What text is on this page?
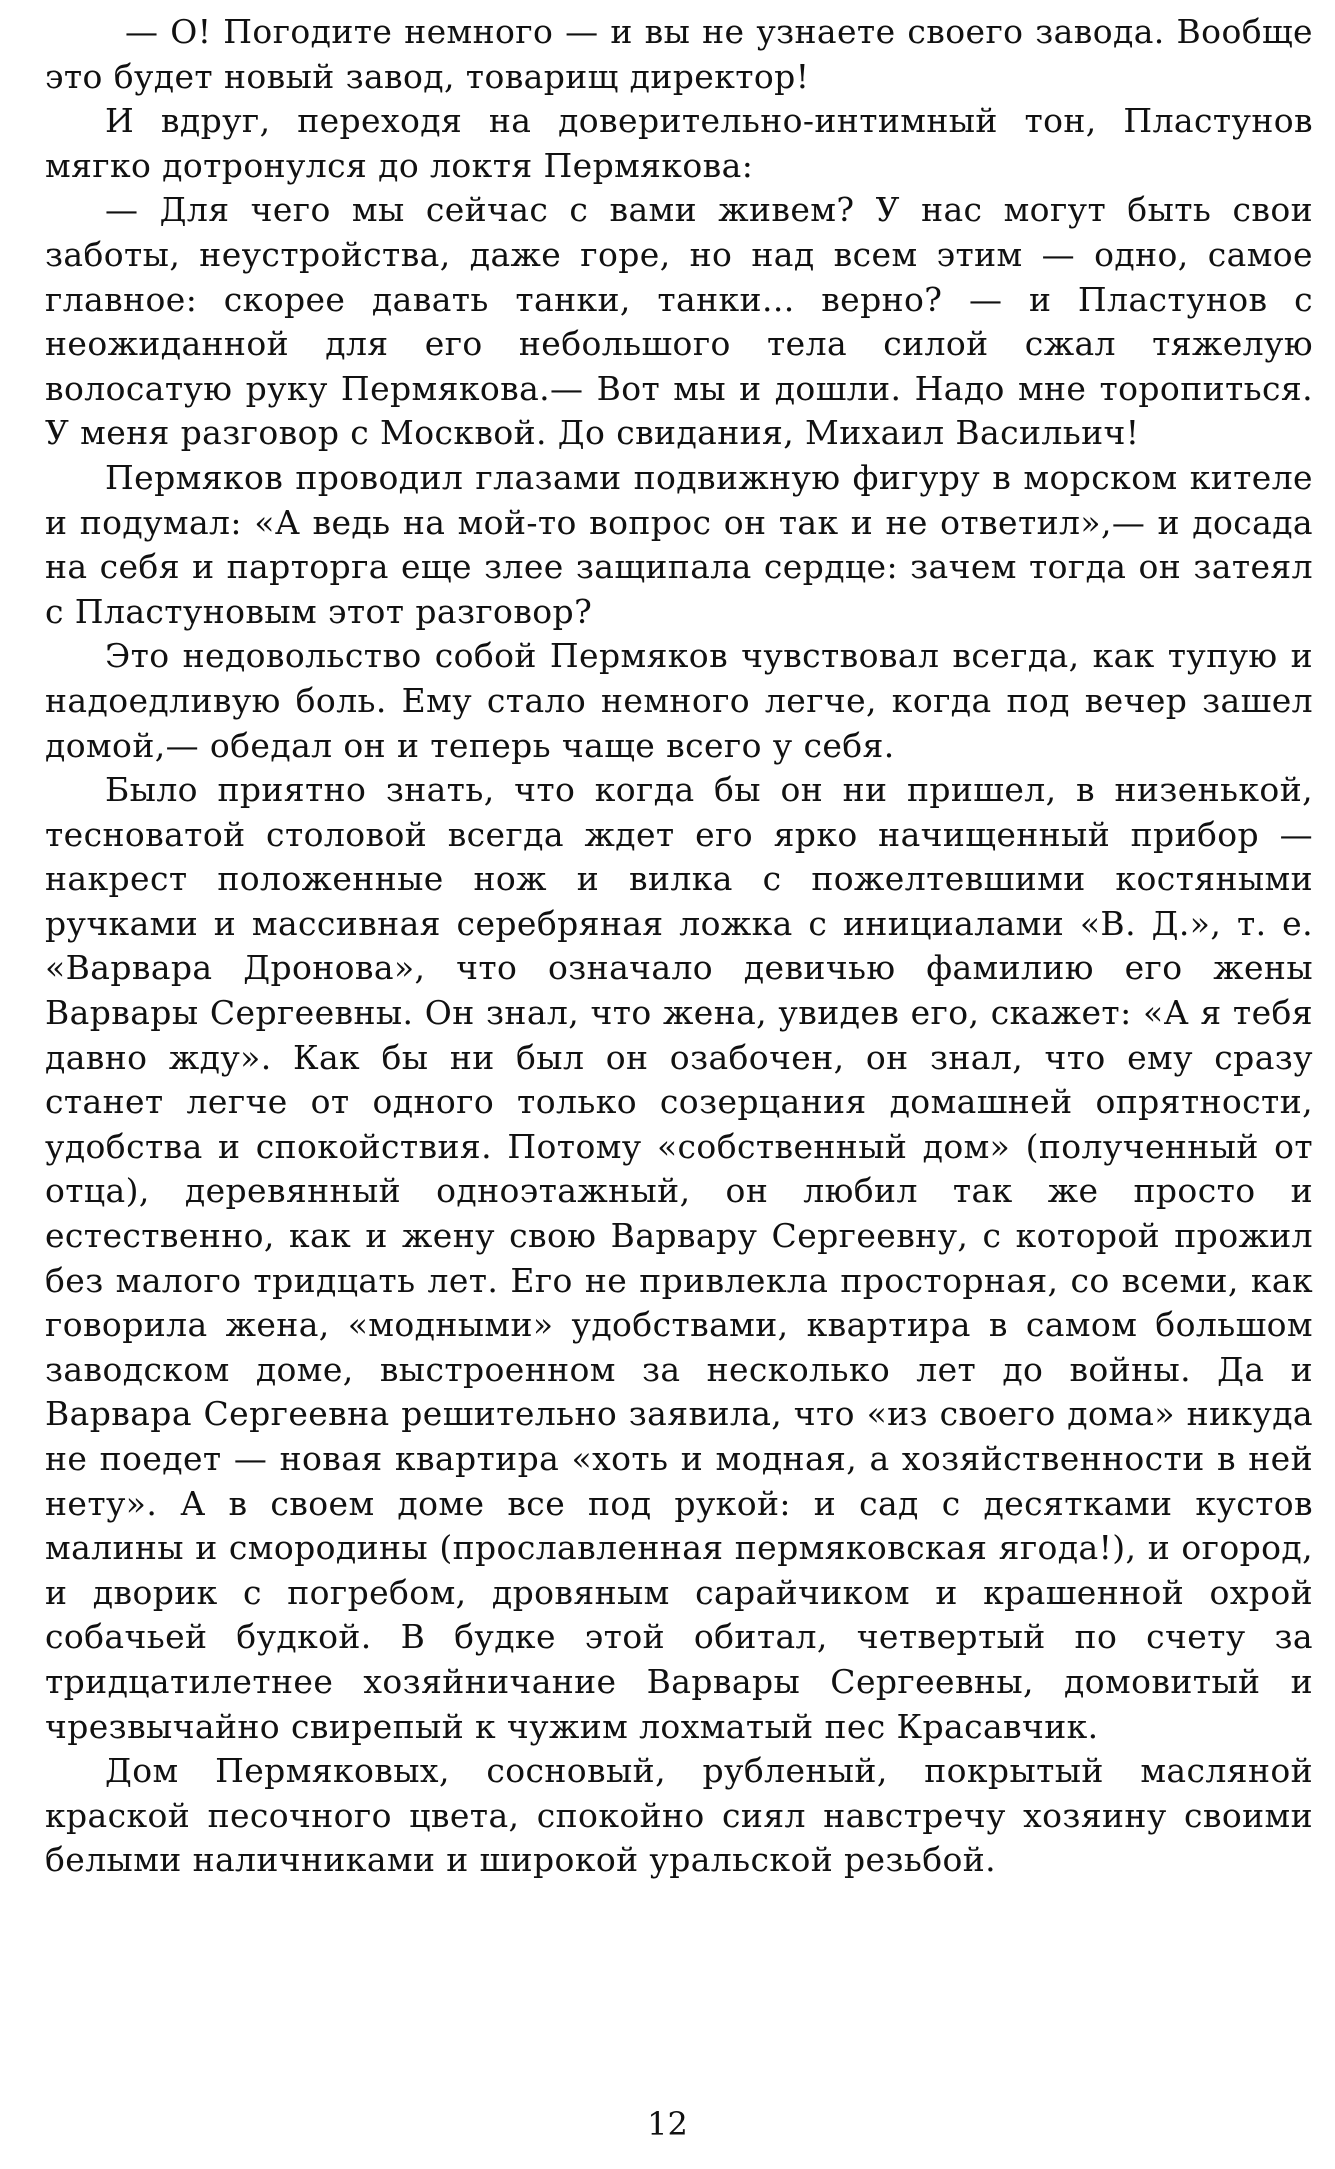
— О! Погодите немного — и вы не узнаете своего завода. Вообще это будет новый завод, товарищ директор!

И вдруг, переходя на доверительно-интимный тон, Пластунов мягко дотронулся до локтя Пермякова:

— Для чего мы сейчас с вами живем? У нас могут быть свои заботы, неустройства, даже горе, но над всем этим — одно, самое главное: скорее давать танки, танки... верно? — и Пластунов с неожиданной для его небольшого тела силой сжал тяжелую волосатую руку Пермякова.— Вот мы и дошли. Надо мне торопиться. У меня разговор с Москвой. До свидания, Михаил Васильич!

Пермяков проводил глазами подвижную фигуру в морском кителе и подумал: «А ведь на мой-то вопрос он так и не ответил»,— и досада на себя и парторга еще злее защипала сердце: зачем тогда он затеял с Пластуновым этот разговор?

Это недовольство собой Пермяков чувствовал всегда, как тупую и надоедливую боль. Ему стало немного легче, когда под вечер зашел домой,— обедал он и теперь чаще всего у себя.

Было приятно знать, что когда бы он ни пришел, в низенькой, тесноватой столовой всегда ждет его ярко начищенный прибор — накрест положенные нож и вилка с пожелтевшими костяными ручками и массивная серебряная ложка с инициалами «В. Д.», т. е. «Варвара Дронова», что означало девичью фамилию его жены Варвары Сергеевны. Он знал, что жена, увидев его, скажет: «А я тебя давно жду». Как бы ни был он озабочен, он знал, что ему сразу станет легче от одного только созерцания домашней опрятности, удобства и спокойствия. Потому «собственный дом» (полученный от отца), деревянный одноэтажный, он любил так же просто и естественно, как и жену свою Варвару Сергеевну, с которой прожил без малого тридцать лет. Его не привлекла просторная, со всеми, как говорила жена, «модными» удобствами, квартира в самом большом заводском доме, выстроенном за несколько лет до войны. Да и Варвара Сергеевна решительно заявила, что «из своего дома» никуда не поедет — новая квартира «хоть и модная, а хозяйственности в ней нету». А в своем доме все под рукой: и сад с десятками кустов малины и смородины (прославленная пермяковская ягода!), и огород, и дворик с погребом, дровяным сарайчиком и крашенной охрой собачьей будкой. В будке этой обитал, четвертый по счету за тридцатилетнее хозяйничание Варвары Сергеевны, домовитый и чрезвычайно свирепый к чужим лохматый пес Красавчик.

Дом Пермяковых, сосновый, рубленый, покрытый масляной краской песочного цвета, спокойно сиял навстречу хозяину своими белыми наличниками и широкой уральской резьбой.

12
